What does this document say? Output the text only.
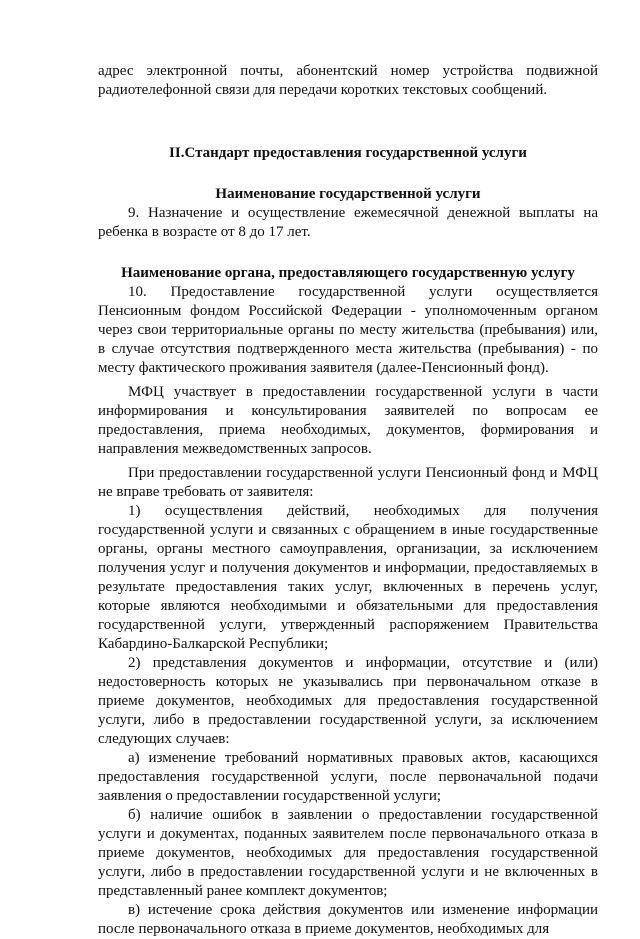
адрес электронной почты, абонентский номер устройства подвижной радиотелефонной связи для передачи коротких текстовых сообщений.

II.Стандарт предоставления государственной услуги

Наименование государственной услуги

9. Назначение и осуществление ежемесячной денежной выплаты на ребенка в возрасте от 8 до 17 лет.

Наименование органа, предоставляющего государственную услугу

10. Предоставление государственной услуги осуществляется Пенсионным фондом Российской Федерации - уполномоченным органом через свои территориальные органы по месту жительства (пребывания) или, в случае отсутствия подтвержденного места жительства (пребывания) - по месту фактического проживания заявителя (далее-Пенсионный фонд).

МФЦ участвует в предоставлении государственной услуги в части информирования и консультирования заявителей по вопросам ее предоставления, приема необходимых, документов, формирования и направления межведомственных запросов.

При предоставлении государственной услуги Пенсионный фонд и МФЦ не вправе требовать от заявителя:

1) осуществления действий, необходимых для получения государственной услуги и связанных с обращением в иные государственные органы, органы местного самоуправления, организации, за исключением получения услуг и получения документов и информации, предоставляемых в результате предоставления таких услуг, включенных в перечень услуг, которые являются необходимыми и обязательными для предоставления государственной услуги, утвержденный распоряжением Правительства Кабардино-Балкарской Республики;

2) представления документов и информации, отсутствие и (или) недостоверность которых не указывались при первоначальном отказе в приеме документов, необходимых для предоставления государственной услуги, либо в предоставлении государственной услуги, за исключением следующих случаев:

а) изменение требований нормативных правовых актов, касающихся предоставления государственной услуги, после первоначальной подачи заявления о предоставлении государственной услуги;

б) наличие ошибок в заявлении о предоставлении государственной услуги и документах, поданных заявителем после первоначального отказа в приеме документов, необходимых для предоставления государственной услуги, либо в предоставлении государственной услуги и не включенных в представленный ранее комплект документов;

в) истечение срока действия документов или изменение информации после первоначального отказа в приеме документов, необходимых для
